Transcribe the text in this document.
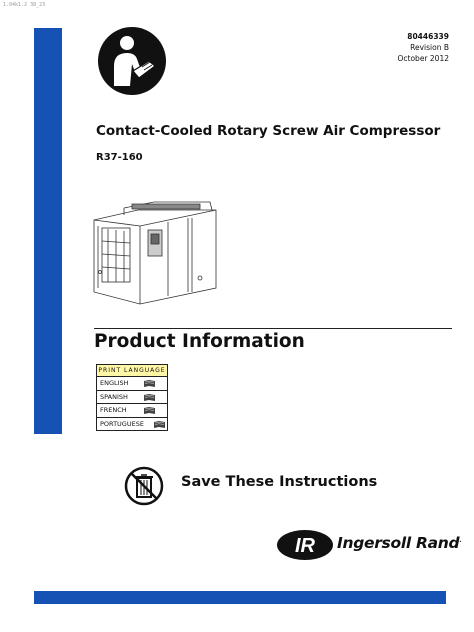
1.04k1.2 38_23
80446339
Revision B
October 2012
Contact-Cooled Rotary Screw Air Compressor
R37-160
Product Information
PRINT LANGUAGE
ENGLISH
SPANISH
FRENCH
PORTUGUESE
Save These Instructions
IR Ingersoll Rand.
